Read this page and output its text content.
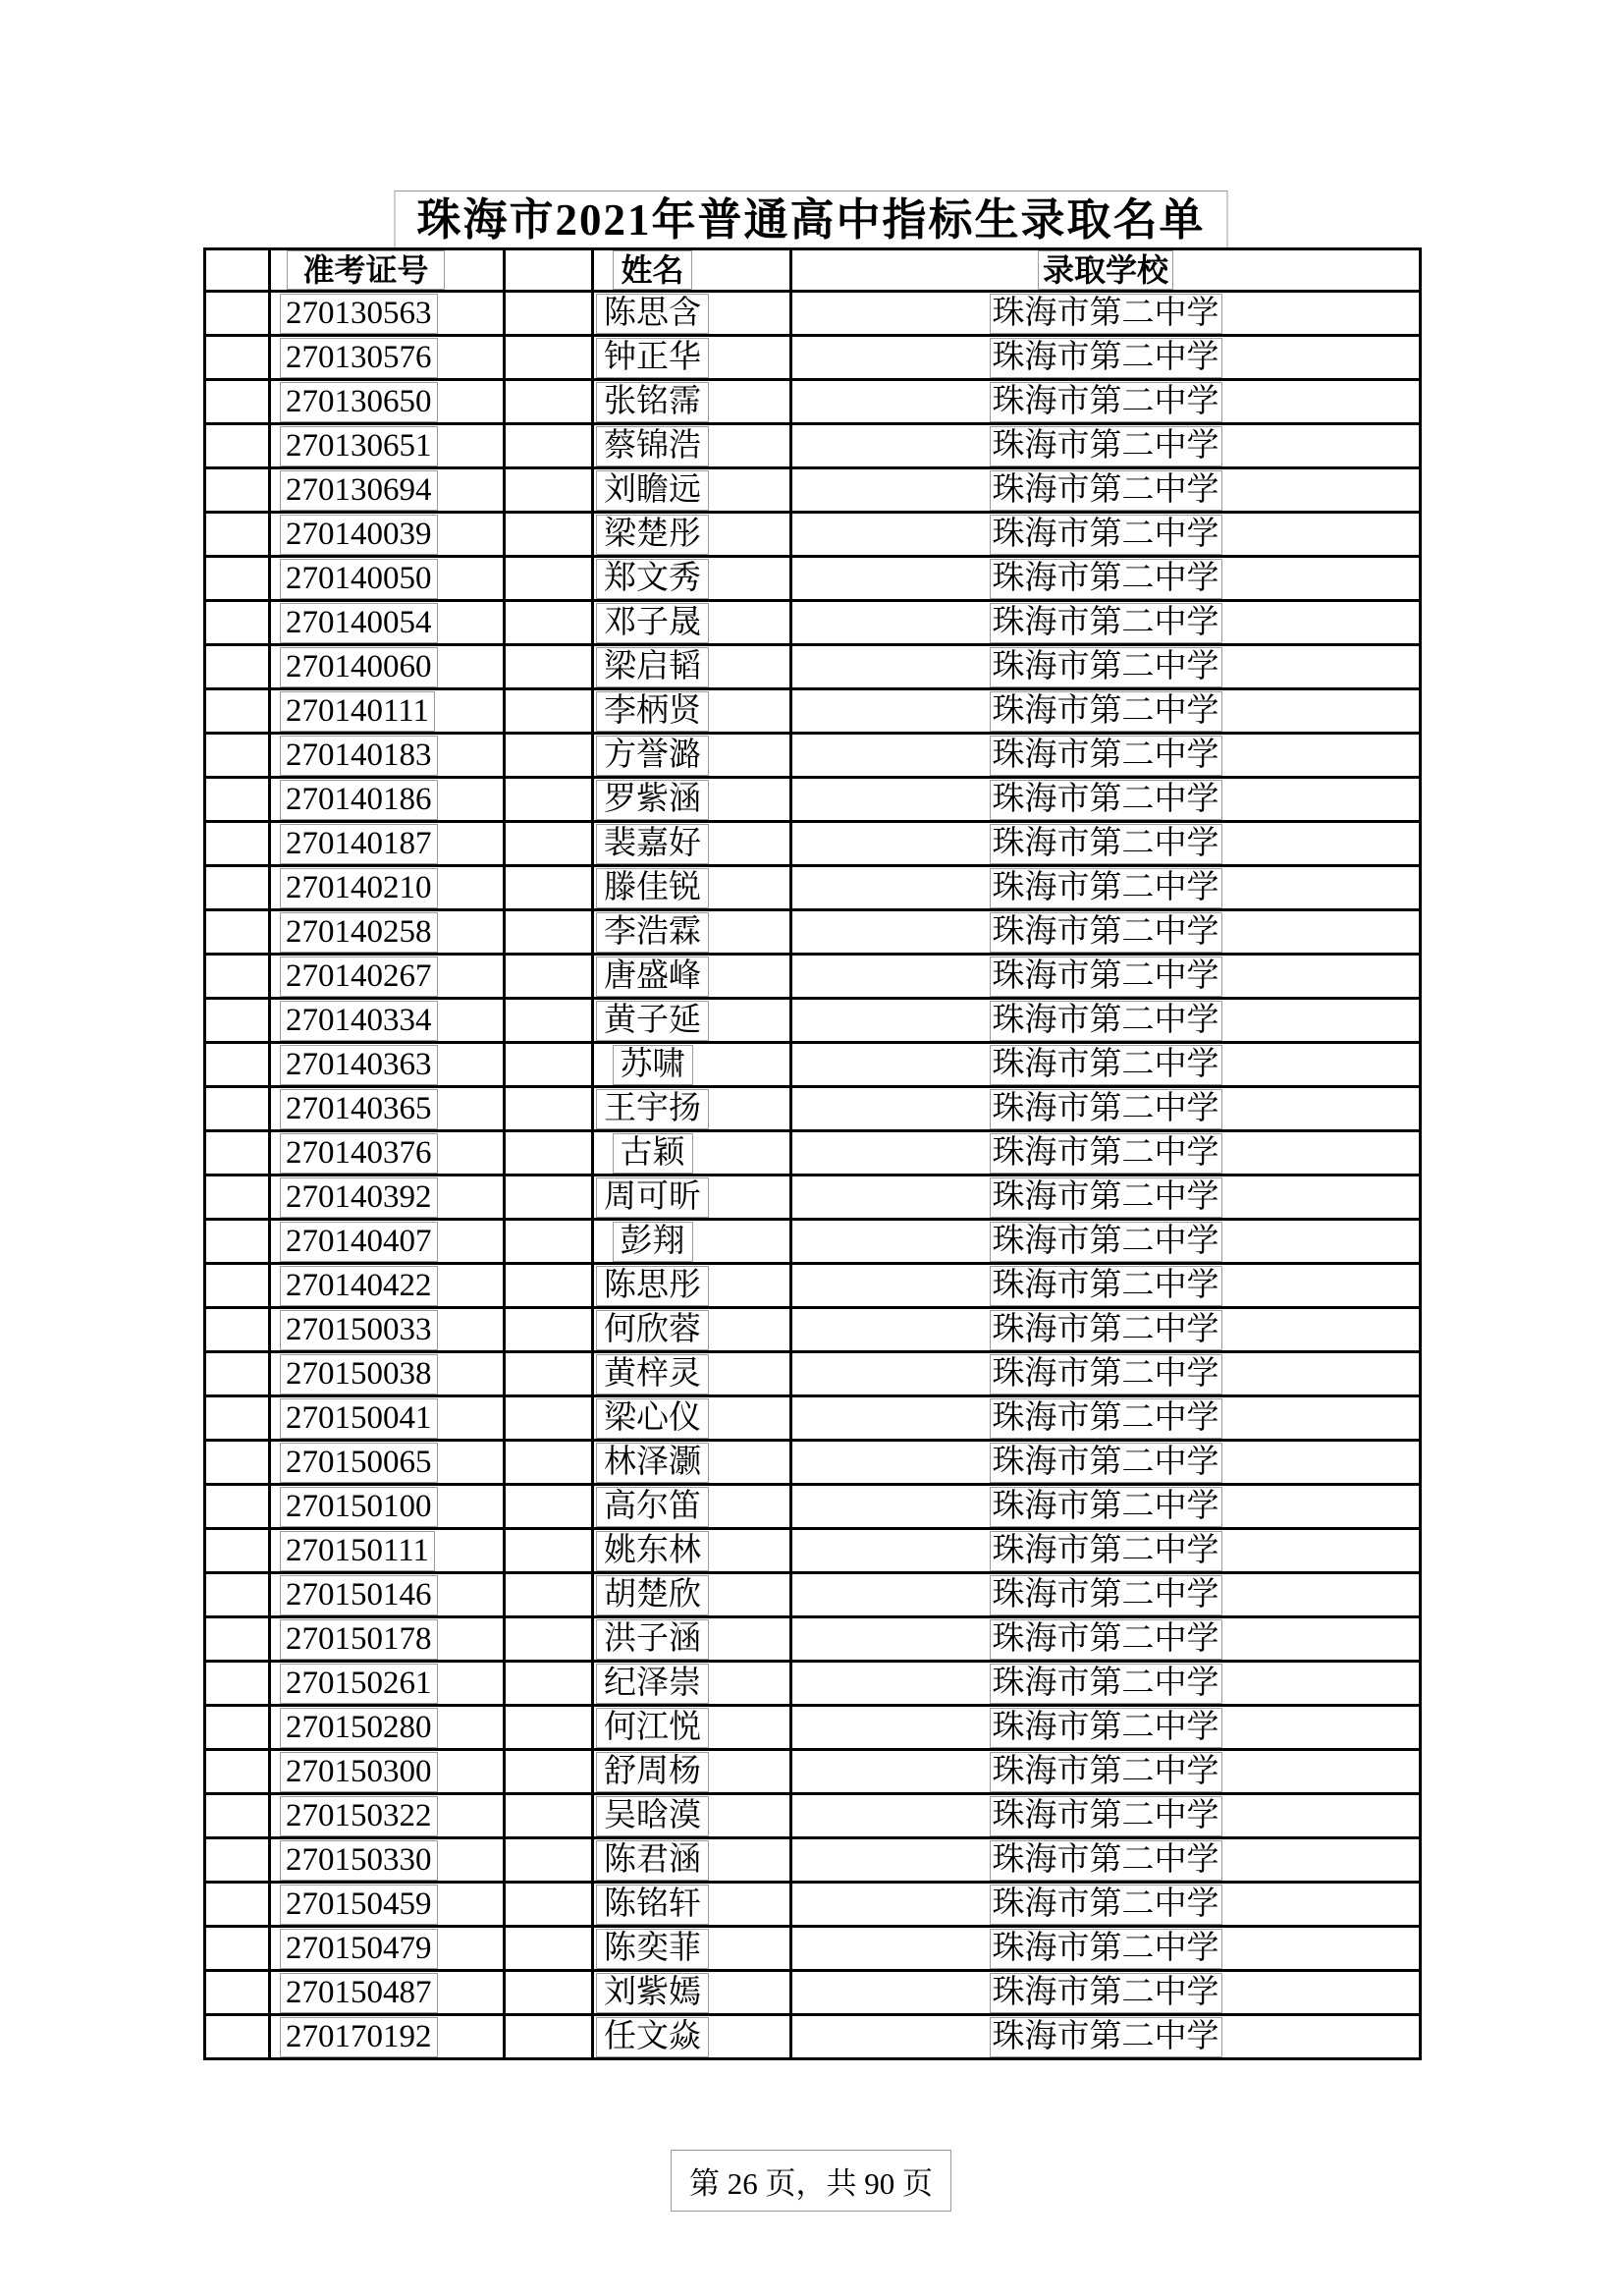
珠海市2021年普通高中指标生录取名单
	准考证号		姓名	录取学校
	270130563		陈思含	珠海市第二中学
	270130576		钟正华	珠海市第二中学
	270130650		张铭霈	珠海市第二中学
	270130651		蔡锦浩	珠海市第二中学
	270130694		刘瞻远	珠海市第二中学
	270140039		梁楚彤	珠海市第二中学
	270140050		郑文秀	珠海市第二中学
	270140054		邓子晟	珠海市第二中学
	270140060		梁启韬	珠海市第二中学
	270140111		李柄贤	珠海市第二中学
	270140183		方誉潞	珠海市第二中学
	270140186		罗紫涵	珠海市第二中学
	270140187		裴嘉好	珠海市第二中学
	270140210		滕佳锐	珠海市第二中学
	270140258		李浩霖	珠海市第二中学
	270140267		唐盛峰	珠海市第二中学
	270140334		黄子延	珠海市第二中学
	270140363		苏啸	珠海市第二中学
	270140365		王宇扬	珠海市第二中学
	270140376		古颖	珠海市第二中学
	270140392		周可昕	珠海市第二中学
	270140407		彭翔	珠海市第二中学
	270140422		陈思彤	珠海市第二中学
	270150033		何欣蓉	珠海市第二中学
	270150038		黄梓灵	珠海市第二中学
	270150041		梁心仪	珠海市第二中学
	270150065		林泽灏	珠海市第二中学
	270150100		高尔笛	珠海市第二中学
	270150111		姚东林	珠海市第二中学
	270150146		胡楚欣	珠海市第二中学
	270150178		洪子涵	珠海市第二中学
	270150261		纪泽崇	珠海市第二中学
	270150280		何江悦	珠海市第二中学
	270150300		舒周杨	珠海市第二中学
	270150322		吴晗漠	珠海市第二中学
	270150330		陈君涵	珠海市第二中学
	270150459		陈铭轩	珠海市第二中学
	270150479		陈奕菲	珠海市第二中学
	270150487		刘紫嫣	珠海市第二中学
	270170192		任文焱	珠海市第二中学
第 26 页，共 90 页
